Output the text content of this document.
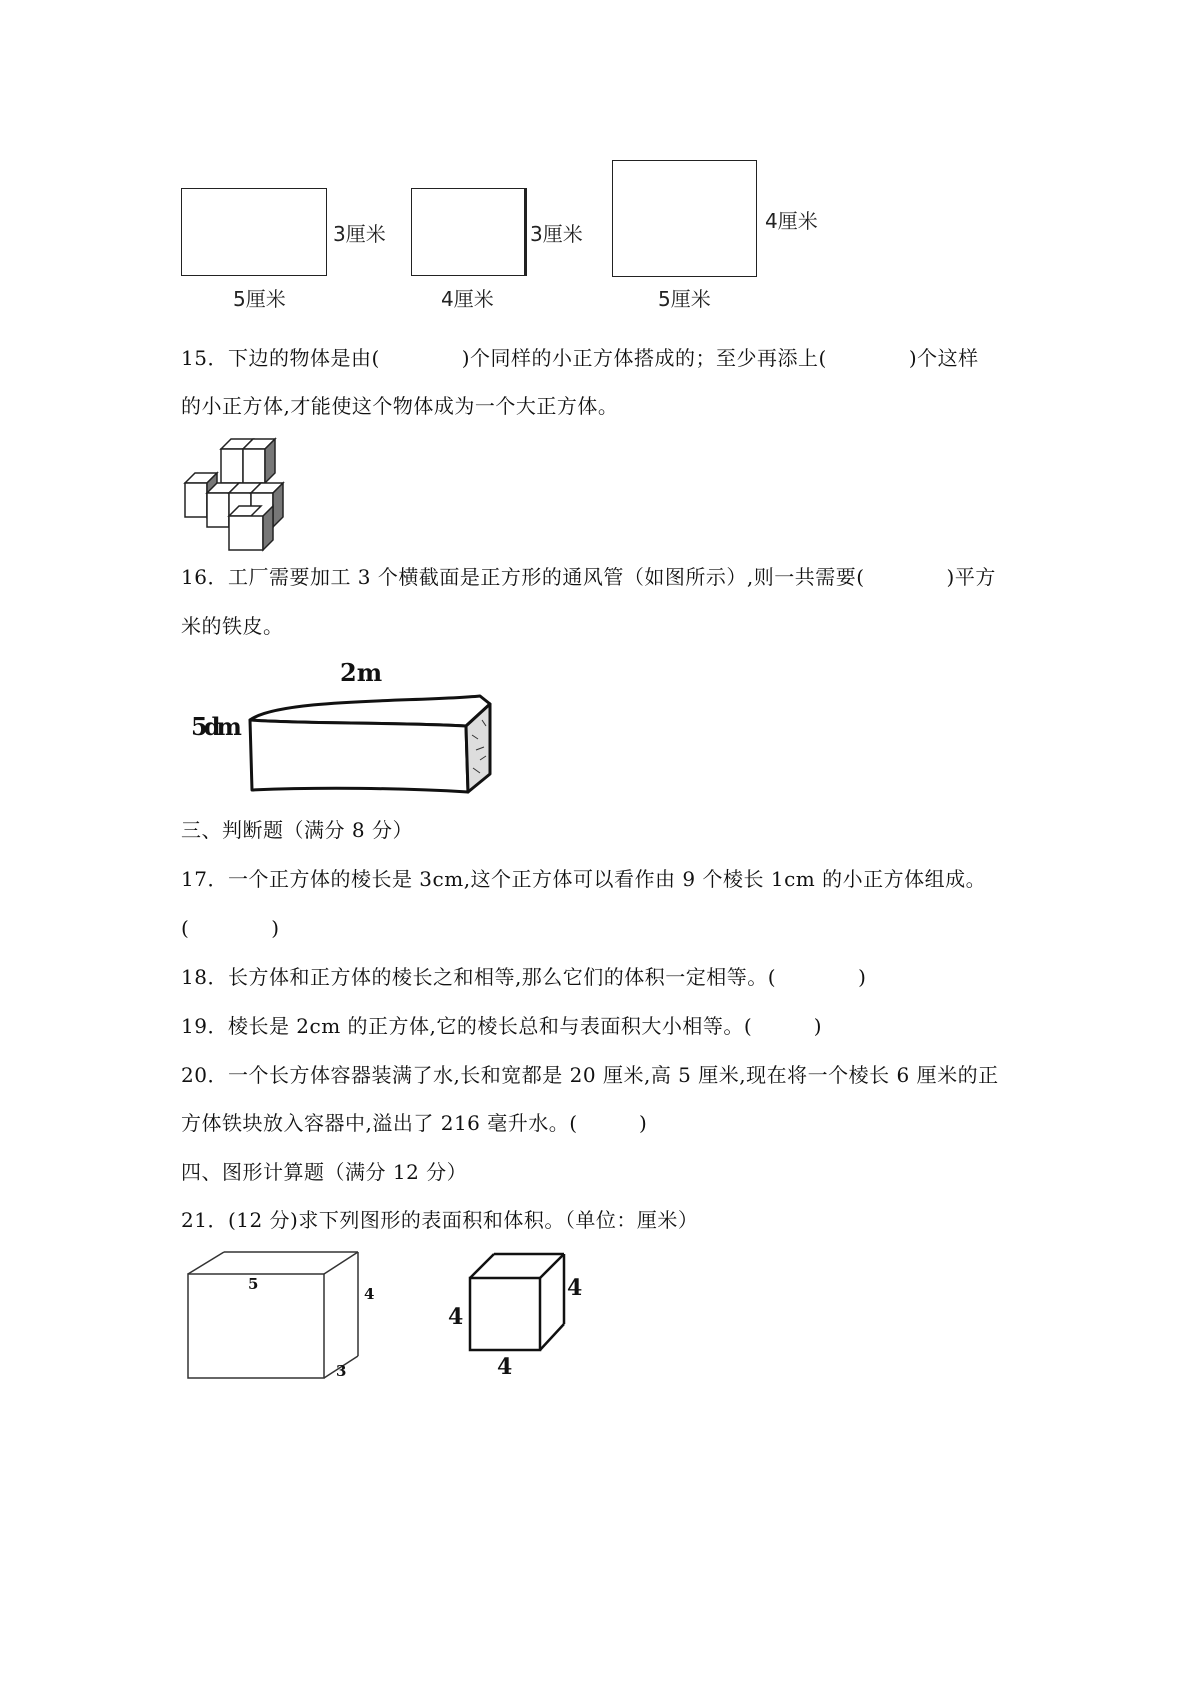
3厘米
5厘米
3厘米
4厘米
4厘米
5厘米
15．下边的物体是由(　　　　)个同样的小正方体搭成的；至少再添上(　　　　)个这样
的小正方体,才能使这个物体成为一个大正方体。
16．工厂需要加工 3 个横截面是正方形的通风管（如图所示）,则一共需要(　　　　)平方
米的铁皮。
2m
5dm
三、判断题（满分 8 分）
17．一个正方体的棱长是 3cm,这个正方体可以看作由 9 个棱长 1cm 的小正方体组成。
(　　　　)
18．长方体和正方体的棱长之和相等,那么它们的体积一定相等。(　　　　)
19．棱长是 2cm 的正方体,它的棱长总和与表面积大小相等。(　　　)
20．一个长方体容器装满了水,长和宽都是 20 厘米,高 5 厘米,现在将一个棱长 6 厘米的正
方体铁块放入容器中,溢出了 216 毫升水。(　　　)
四、图形计算题（满分 12 分）
21．(12 分)求下列图形的表面积和体积。（单位：厘米）
5
4
3
4
4
4
